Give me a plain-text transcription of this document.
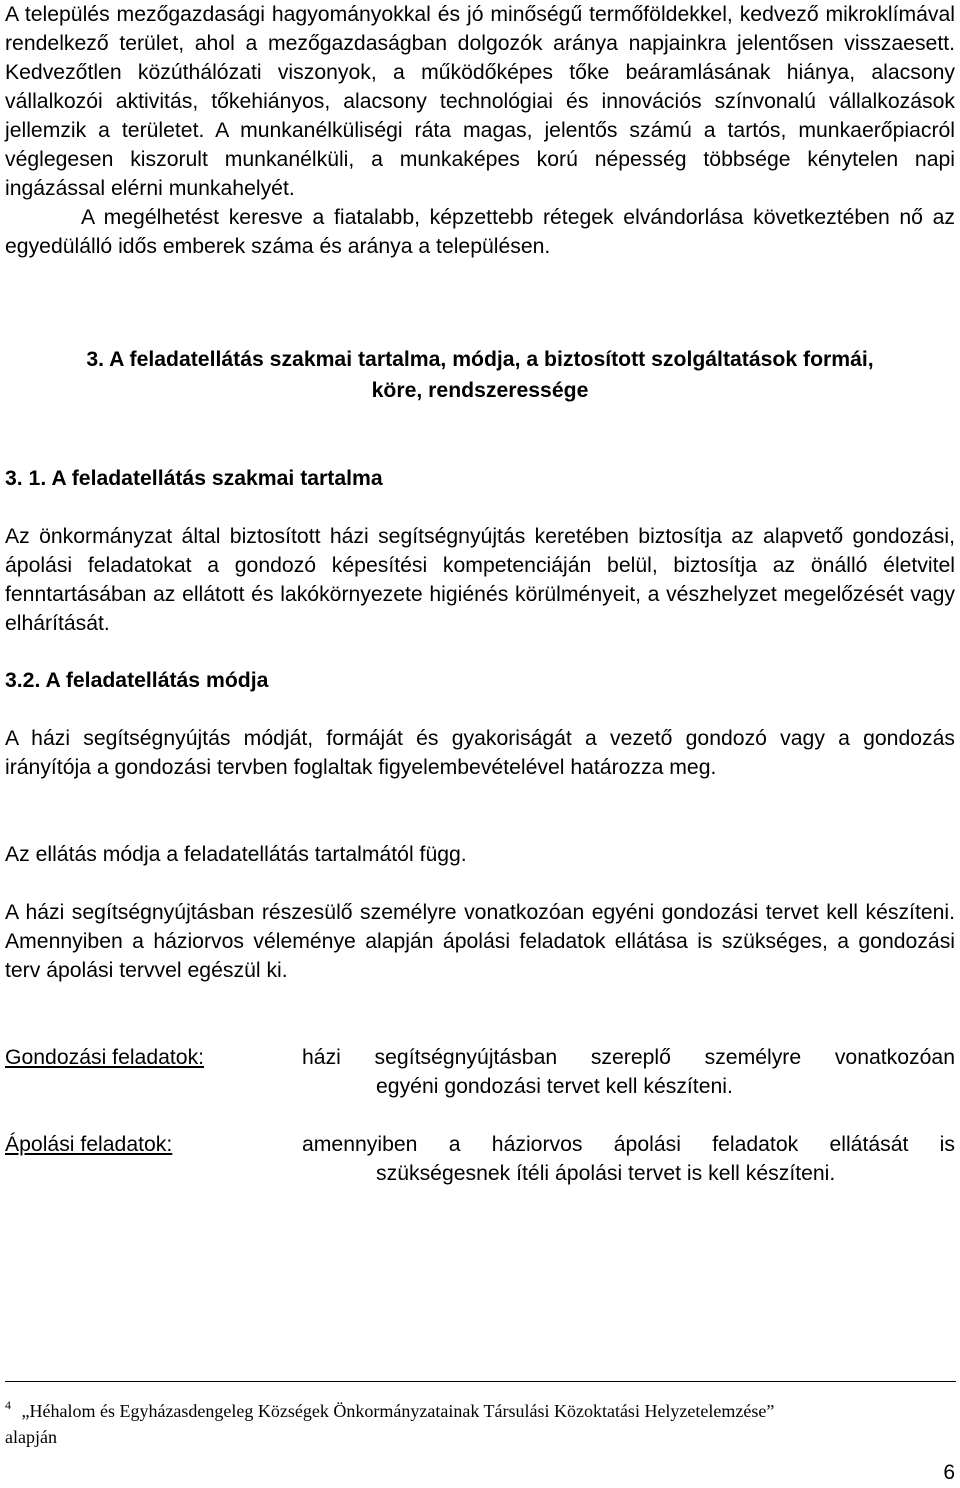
A település mezőgazdasági hagyományokkal és jó minőségű termőföldekkel, kedvező mikroklímával rendelkező terület, ahol a mezőgazdaságban dolgozók aránya napjainkra jelentősen visszaesett. Kedvezőtlen közúthálózati viszonyok, a működőképes tőke beáramlásának hiánya, alacsony vállalkozói aktivitás, tőkehiányos, alacsony technológiai és innovációs színvonalú vállalkozások jellemzik a területet. A munkanélküliségi ráta magas, jelentős számú a tartós, munkaerőpiacról véglegesen kiszorult munkanélküli, a munkaképes korú népesség többsége kénytelen napi ingázással elérni munkahelyét.

A megélhetést keresve a fiatalabb, képzettebb rétegek elvándorlása következtében nő az egyedülálló idős emberek száma és aránya a településen.

3. A feladatellátás szakmai tartalma, módja, a biztosított szolgáltatások formái,
köre, rendszeressége

3. 1. A feladatellátás szakmai tartalma

Az önkormányzat által biztosított házi segítségnyújtás keretében biztosítja az alapvető gondozási, ápolási feladatokat a gondozó képesítési kompetenciáján belül, biztosítja az önálló életvitel fenntartásában az ellátott és lakókörnyezete higiénés körülményeit, a vészhelyzet megelőzését vagy elhárítását.

3.2. A feladatellátás módja

A házi segítségnyújtás módját, formáját és gyakoriságát a vezető gondozó vagy a gondozás irányítója a gondozási tervben foglaltak figyelembevételével határozza meg.

Az ellátás módja a feladatellátás tartalmától függ.

A házi segítségnyújtásban részesülő személyre vonatkozóan egyéni gondozási tervet kell készíteni. Amennyiben a háziorvos véleménye alapján ápolási feladatok ellátása is szükséges, a gondozási terv ápolási tervvel egészül ki.

Gondozási feladatok:	házi segítségnyújtásban szereplő személyre vonatkozóan
egyéni gondozási tervet kell készíteni.
Ápolási feladatok:	amennyiben a háziorvos ápolási feladatok ellátását is
szükségesnek ítéli ápolási tervet is kell készíteni.
$^4$ „Héhalom és Egyházasdengeleg Községek Önkormányzatainak Társulási Közoktatási Helyzetelemzése”
alapján
6
